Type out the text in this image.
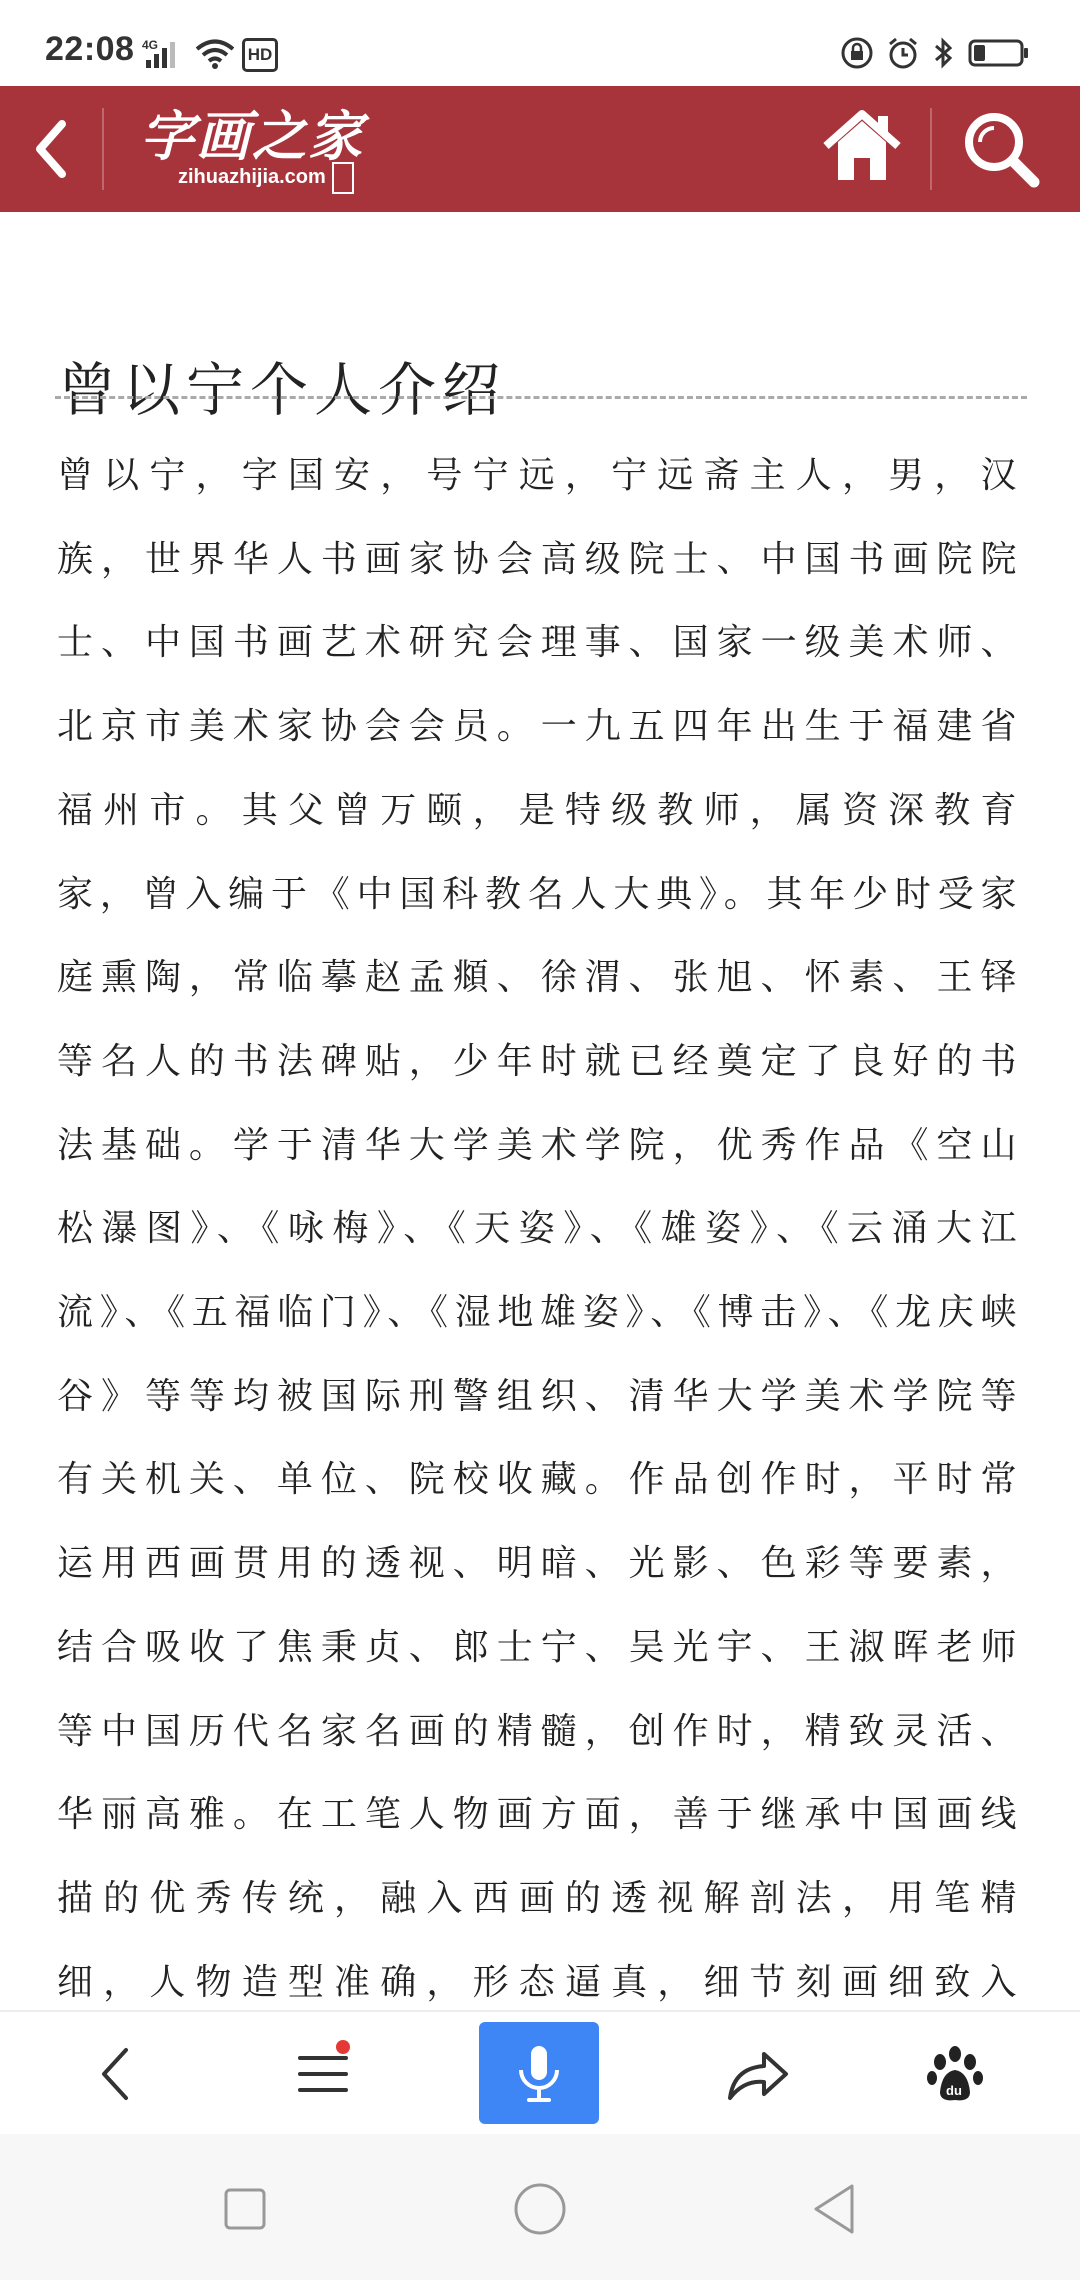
22:08 4G	HD
字画之家
zihuazhijia.com
曾以宁个人介绍
曾以宁，字国安，号宁远，宁远斋主人，男，汉族，世界华人书画家协会高级院士、中国书画院院士、中国书画艺术研究会理事、国家一级美术师、北京市美术家协会会员。一九五四年出生于福建省福州市。其父曾万颐，是特级教师，属资深教育家，曾入编于《中国科教名人大典》。其年少时受家庭熏陶，常临摹赵孟頫、徐渭、张旭、怀素、王铎等名人的书法碑贴，少年时就已经奠定了良好的书法基础。学于清华大学美术学院，优秀作品《空山松瀑图》、《咏梅》、《天姿》、《雄姿》、《云涌大江流》、《五福临门》、《湿地雄姿》、《博击》、《龙庆峡谷》等等均被国际刑警组织、清华大学美术学院等有关机关、单位、院校收藏。作品创作时，平时常运用西画贯用的透视、明暗、光影、色彩等要素，结合吸收了焦秉贞、郎士宁、吴光宇、王淑晖老师等中国历代名家名画的精髓，创作时，精致灵活、华丽高雅。在工笔人物画方面，善于继承中国画线描的优秀传统，融入西画的透视解剖法，用笔精细，人物造型准确，形态逼真，细节刻画细致入
du
